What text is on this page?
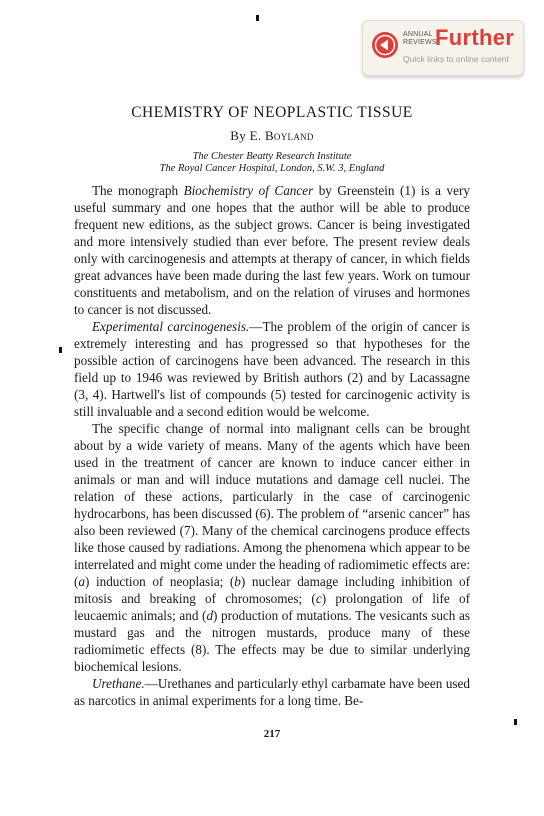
ANNUAL
REVIEWS
Further
Quick links to online content
CHEMISTRY OF NEOPLASTIC TISSUE
By E. Boyland
The Chester Beatty Research Institute
The Royal Cancer Hospital, London, S.W. 3, England

The monograph Biochemistry of Cancer by Greenstein (1) is a very useful summary and one hopes that the author will be able to produce frequent new editions, as the subject grows. Cancer is being investigated and more intensively studied than ever before. The present review deals only with carcinogenesis and attempts at therapy of cancer, in which fields great advances have been made during the last few years. Work on tumour constituents and metabolism, and on the relation of viruses and hormones to cancer is not discussed.

Experimental carcinogenesis.—The problem of the origin of cancer is extremely interesting and has progressed so that hypotheses for the possible action of carcinogens have been advanced. The research in this field up to 1946 was reviewed by British authors (2) and by Lacassagne (3, 4). Hartwell's list of compounds (5) tested for carcinogenic activity is still invaluable and a second edition would be welcome.

The specific change of normal into malignant cells can be brought about by a wide variety of means. Many of the agents which have been used in the treatment of cancer are known to induce cancer either in animals or man and will induce mutations and damage cell nuclei. The relation of these actions, particularly in the case of carcinogenic hydrocarbons, has been discussed (6). The problem of “arsenic cancer” has also been reviewed (7). Many of the chemical carcinogens produce effects like those caused by radiations. Among the phenomena which appear to be interrelated and might come under the heading of radiomimetic effects are: (a) induction of neoplasia; (b) nuclear damage including inhibition of mitosis and breaking of chromosomes; (c) prolongation of life of leucaemic animals; and (d) production of mutations. The vesicants such as mustard gas and the nitrogen mustards, produce many of these radiomimetic effects (8). The effects may be due to similar underlying biochemical lesions.

Urethane.—Urethanes and particularly ethyl carbamate have been used as narcotics in animal experiments for a long time. Be-

217
